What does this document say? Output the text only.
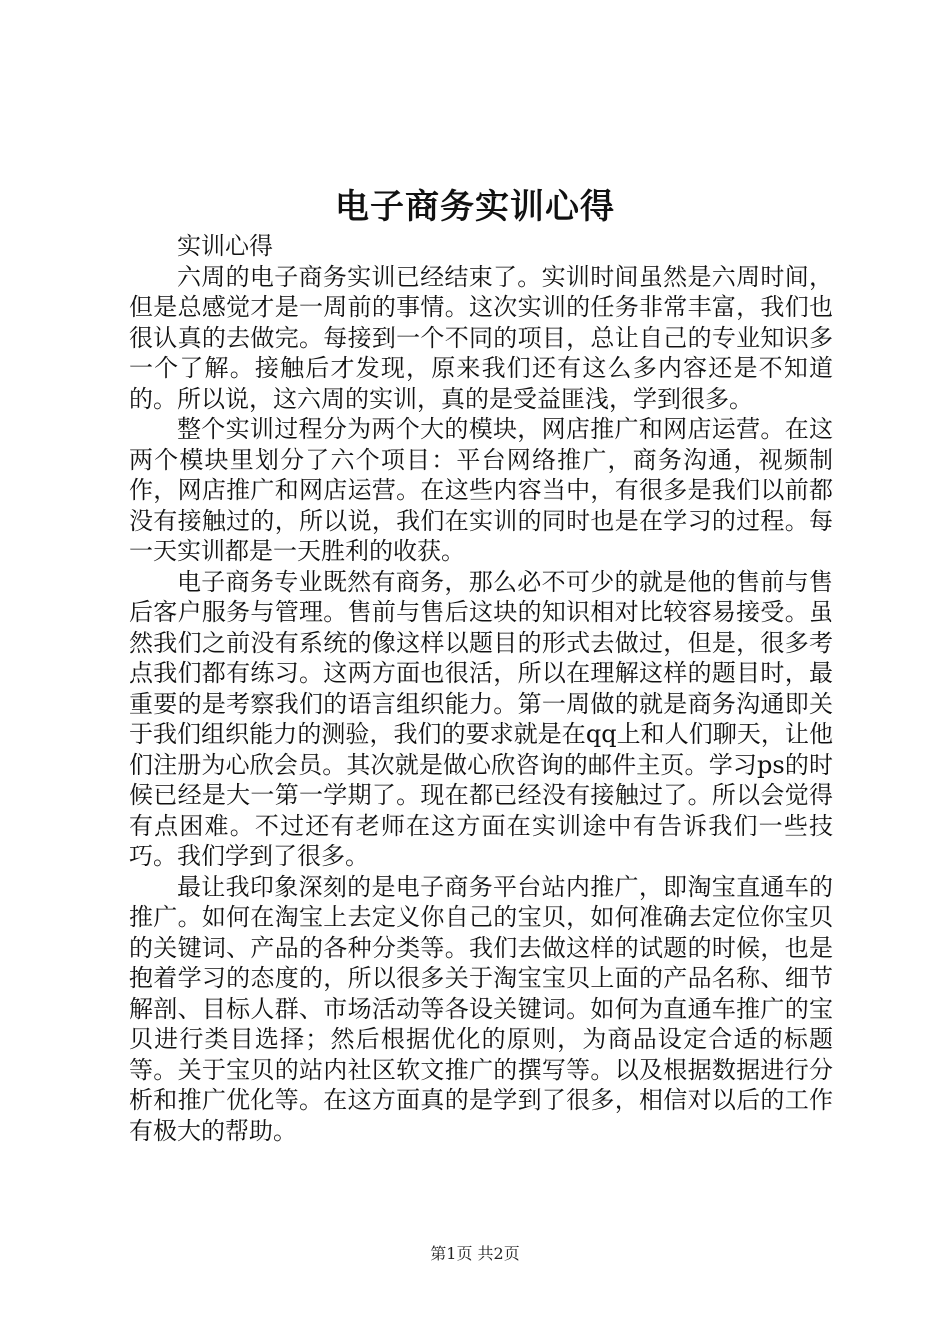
电子商务实训心得

实训心得

六周的电子商务实训已经结束了。实训时间虽然是六周时间，但是总感觉才是一周前的事情。这次实训的任务非常丰富，我们也很认真的去做完。每接到一个不同的项目，总让自己的专业知识多一个了解。接触后才发现，原来我们还有这么多内容还是不知道的。所以说，这六周的实训，真的是受益匪浅，学到很多。

整个实训过程分为两个大的模块，网店推广和网店运营。在这两个模块里划分了六个项目：平台网络推广，商务沟通，视频制作，网店推广和网店运营。在这些内容当中，有很多是我们以前都没有接触过的，所以说，我们在实训的同时也是在学习的过程。每一天实训都是一天胜利的收获。

电子商务专业既然有商务，那么必不可少的就是他的售前与售后客户服务与管理。售前与售后这块的知识相对比较容易接受。虽然我们之前没有系统的像这样以题目的形式去做过，但是，很多考点我们都有练习。这两方面也很活，所以在理解这样的题目时，最重要的是考察我们的语言组织能力。第一周做的就是商务沟通即关于我们组织能力的测验，我们的要求就是在qq上和人们聊天，让他们注册为心欣会员。其次就是做心欣咨询的邮件主页。学习ps的时候已经是大一第一学期了。现在都已经没有接触过了。所以会觉得有点困难。不过还有老师在这方面在实训途中有告诉我们一些技巧。我们学到了很多。

最让我印象深刻的是电子商务平台站内推广，即淘宝直通车的推广。如何在淘宝上去定义你自己的宝贝，如何准确去定位你宝贝的关键词、产品的各种分类等。我们去做这样的试题的时候，也是抱着学习的态度的，所以很多关于淘宝宝贝上面的产品名称、细节解剖、目标人群、市场活动等各设关键词。如何为直通车推广的宝贝进行类目选择；然后根据优化的原则，为商品设定合适的标题等。关于宝贝的站内社区软文推广的撰写等。以及根据数据进行分析和推广优化等。在这方面真的是学到了很多，相信对以后的工作有极大的帮助。

第1页 共2页
